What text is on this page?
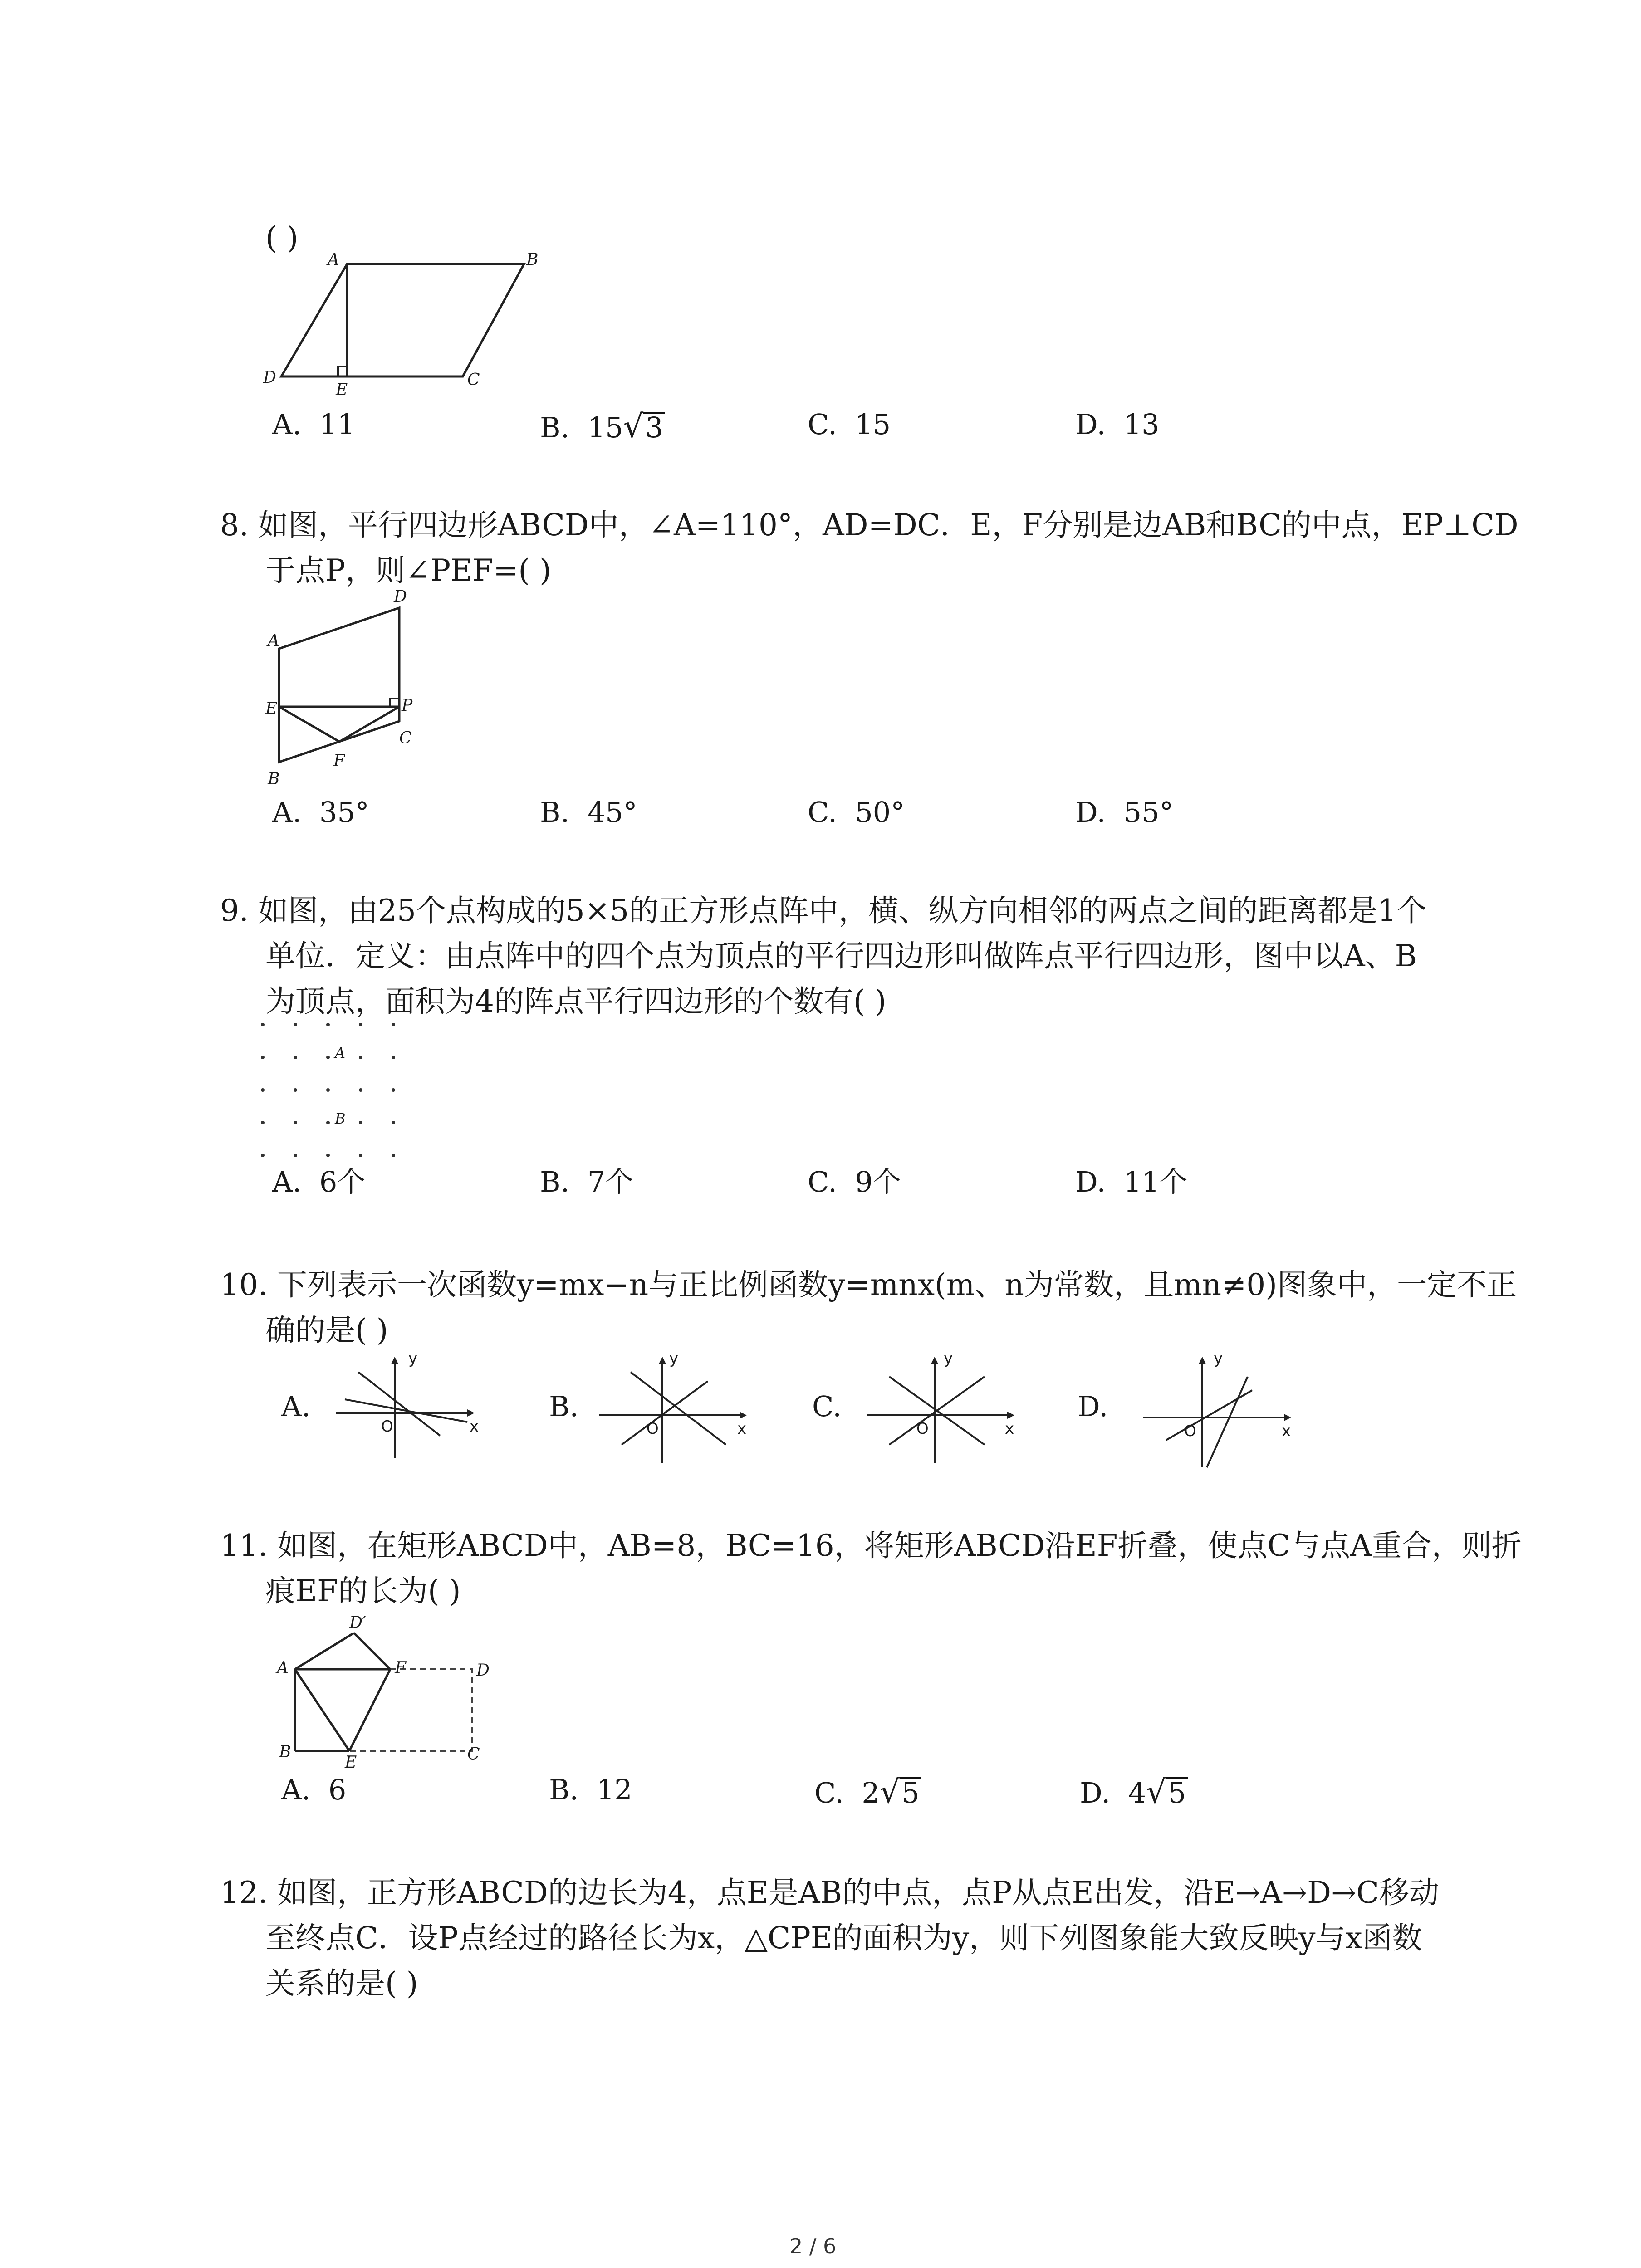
( )
A	B
C
D
E
A. 11	B. 15√3	C. 15	D. 13
8. 如图，平行四边形ABCD中，∠A=110°，AD=DC．E，F分别是边AB和BC的中点，EP⊥CD
于点P，则∠PEF=( )
A
D
E	P
C
B
F
A. 35°	B. 45°	C. 50°	D. 55°
9. 如图，由25个点构成的5×5的正方形点阵中，横、纵方向相邻的两点之间的距离都是1个
单位．定义：由点阵中的四个点为顶点的平行四边形叫做阵点平行四边形，图中以A、B
为顶点，面积为4的阵点平行四边形的个数有( )
A
B
A. 6个	B. 7个	C. 9个	D. 11个
10. 下列表示一次函数y=mx−n与正比例函数y=mnx(m、n为常数，且mn≠0)图象中，一定不正
确的是( )
A.
y
x
O
B.
y
x
O
C.
y
x
O
D.
y
x
O
11. 如图，在矩形ABCD中，AB=8，BC=16，将矩形ABCD沿EF折叠，使点C与点A重合，则折
痕EF的长为( )
A
D′
F	D
B
E	C
A. 6	B. 12	C. 2√5	D. 4√5
12. 如图，正方形ABCD的边长为4，点E是AB的中点，点P从点E出发，沿E→A→D→C移动
至终点C．设P点经过的路径长为x，△CPE的面积为y，则下列图象能大致反映y与x函数
关系的是( )
2 / 6
